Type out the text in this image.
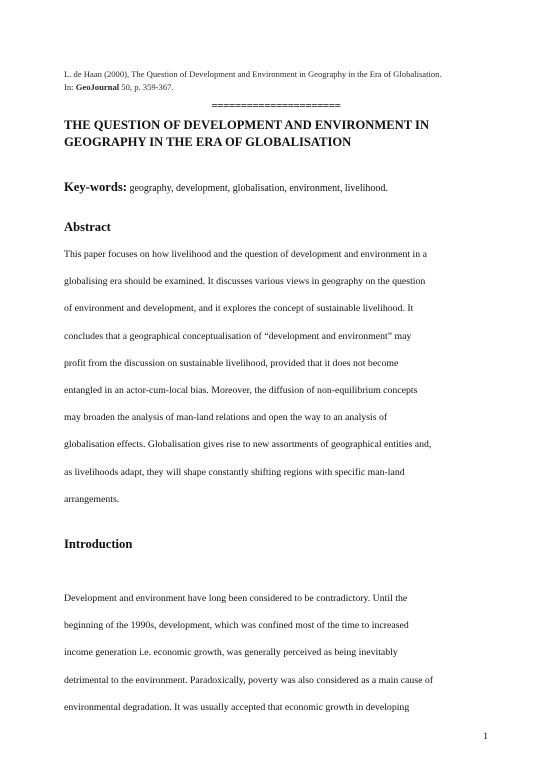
L. de Haan (2000), The Question of Development and Environment in Geography in the Era of Globalisation.
In: GeoJournal 50, p. 359-367.
======================
THE QUESTION OF DEVELOPMENT AND ENVIRONMENT IN GEOGRAPHY IN THE ERA OF GLOBALISATION
Key-words: geography, development, globalisation, environment, livelihood.
Abstract
This paper focuses on how livelihood and the question of development and environment in a
globalising era should be examined. It discusses various views in geography on the question
of environment and development, and it explores the concept of sustainable livelihood. It
concludes that a geographical conceptualisation of “development and environment” may
profit from the discussion on sustainable livelihood, provided that it does not become
entangled in an actor-cum-local bias. Moreover, the diffusion of non-equilibrium concepts
may broaden the analysis of man-land relations and open the way to an analysis of
globalisation effects. Globalisation gives rise to new assortments of geographical entities and,
as livelihoods adapt, they will shape constantly shifting regions with specific man-land
arrangements.
Introduction
Development and environment have long been considered to be contradictory. Until the
beginning of the 1990s, development, which was confined most of the time to increased
income generation i.e. economic growth, was generally perceived as being inevitably
detrimental to the environment. Paradoxically, poverty was also considered as a main cause of
environmental degradation. It was usually accepted that economic growth in developing
1
